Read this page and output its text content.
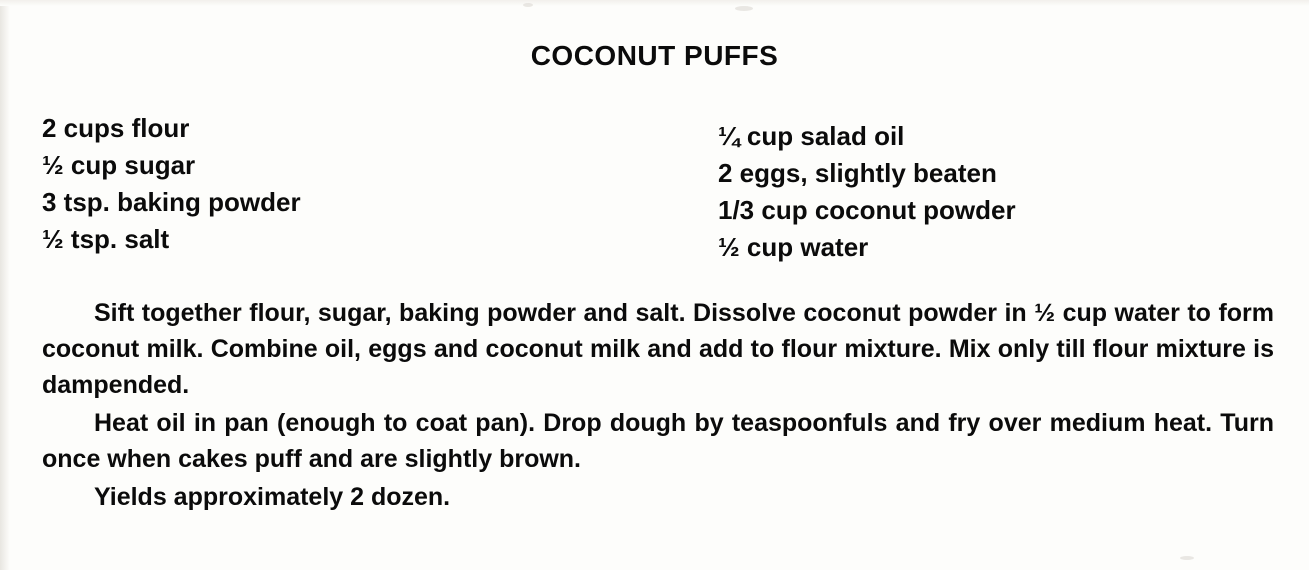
COCONUT PUFFS
2 cups flour
½ cup sugar
3 tsp. baking powder
½ tsp. salt
¼ cup salad oil
2 eggs, slightly beaten
1/3 cup coconut powder
½ cup water

Sift together flour, sugar, baking powder and salt. Dissolve coconut powder in ½ cup water to form coconut milk. Combine oil, eggs and coconut milk and add to flour mixture. Mix only till flour mixture is dampended.

Heat oil in pan (enough to coat pan). Drop dough by teaspoonfuls and fry over medium heat. Turn once when cakes puff and are slightly brown.

Yields approximately 2 dozen.
